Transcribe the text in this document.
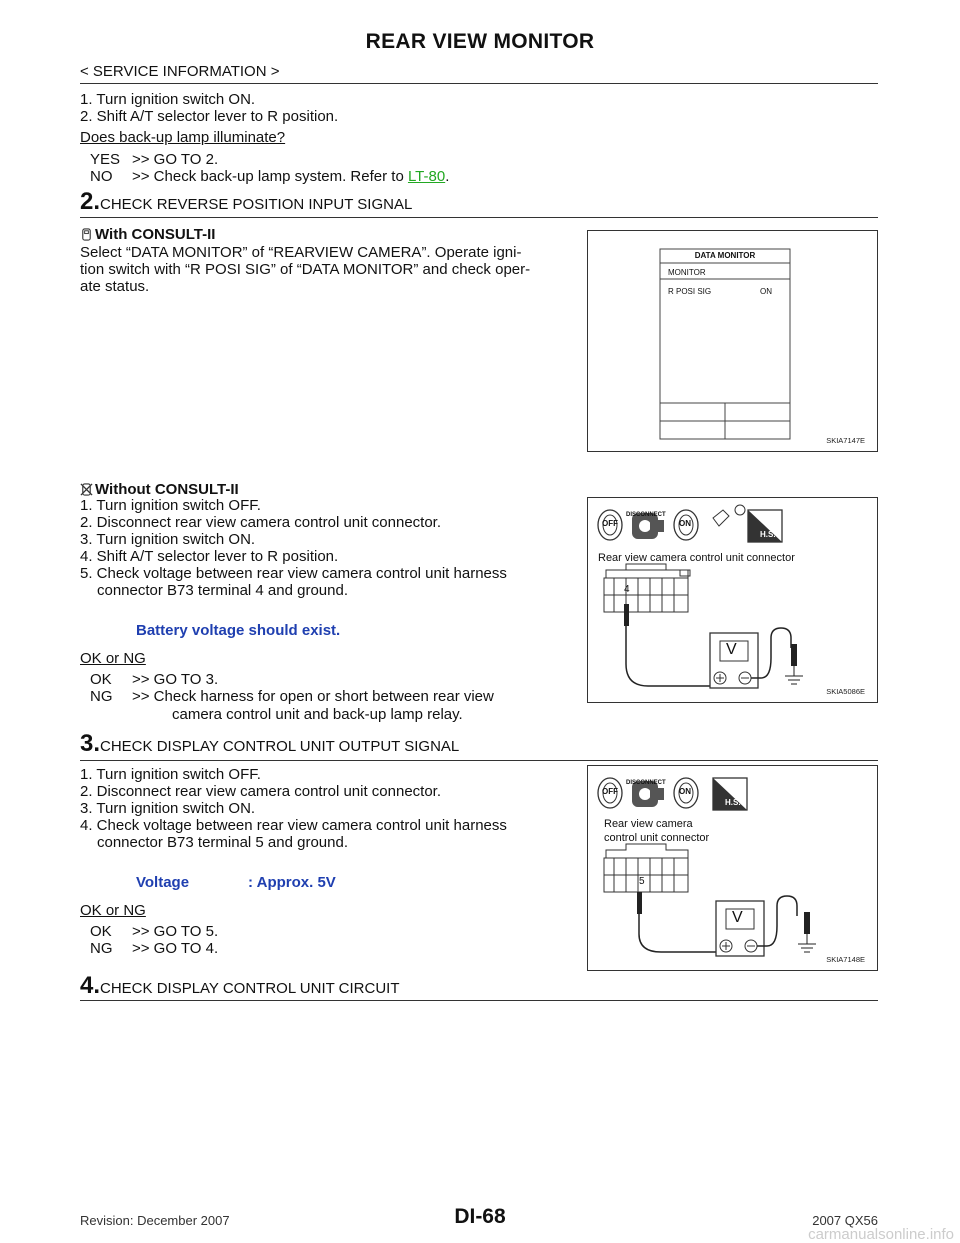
REAR VIEW MONITOR
< SERVICE INFORMATION >
1. Turn ignition switch ON.
2. Shift A/T selector lever to R position.
Does back-up lamp illuminate?
YES >> GO TO 2.
NO >> Check back-up lamp system. Refer to LT-80.
2.CHECK REVERSE POSITION INPUT SIGNAL
With CONSULT-II
Select “DATA MONITOR” of “REARVIEW CAMERA”. Operate igni-
tion switch with “R POSI SIG” of “DATA MONITOR” and check oper-
ate status.
DATA MONITOR
MONITOR
R POSI SIG	ON
SKIA7147E
Without CONSULT-II
1. Turn ignition switch OFF.
2. Disconnect rear view camera control unit connector.
3. Turn ignition switch ON.
4. Shift A/T selector lever to R position.
5. Check voltage between rear view camera control unit harness
connector B73 terminal 4 and ground.
Battery voltage should exist.
OK or NG
OK >> GO TO 3.
NG >> Check harness for open or short between rear view
camera control unit and back-up lamp relay.
DISCONNECT
OFF	ON
H.S.
Rear view camera control unit connector
4
V
SKIA5086E
3.CHECK DISPLAY CONTROL UNIT OUTPUT SIGNAL
1. Turn ignition switch OFF.
2. Disconnect rear view camera control unit connector.
3. Turn ignition switch ON.
4. Check voltage between rear view camera control unit harness
connector B73 terminal 5 and ground.
Voltage	: Approx. 5V
OK or NG
OK >> GO TO 5.
NG >> GO TO 4.
DISCONNECT
OFF	ON
H.S.
Rear view camera
control unit connector
5
V
SKIA7148E
4.CHECK DISPLAY CONTROL UNIT CIRCUIT
DI-68
Revision: December 2007	2007 QX56
carmanualsonline.info
